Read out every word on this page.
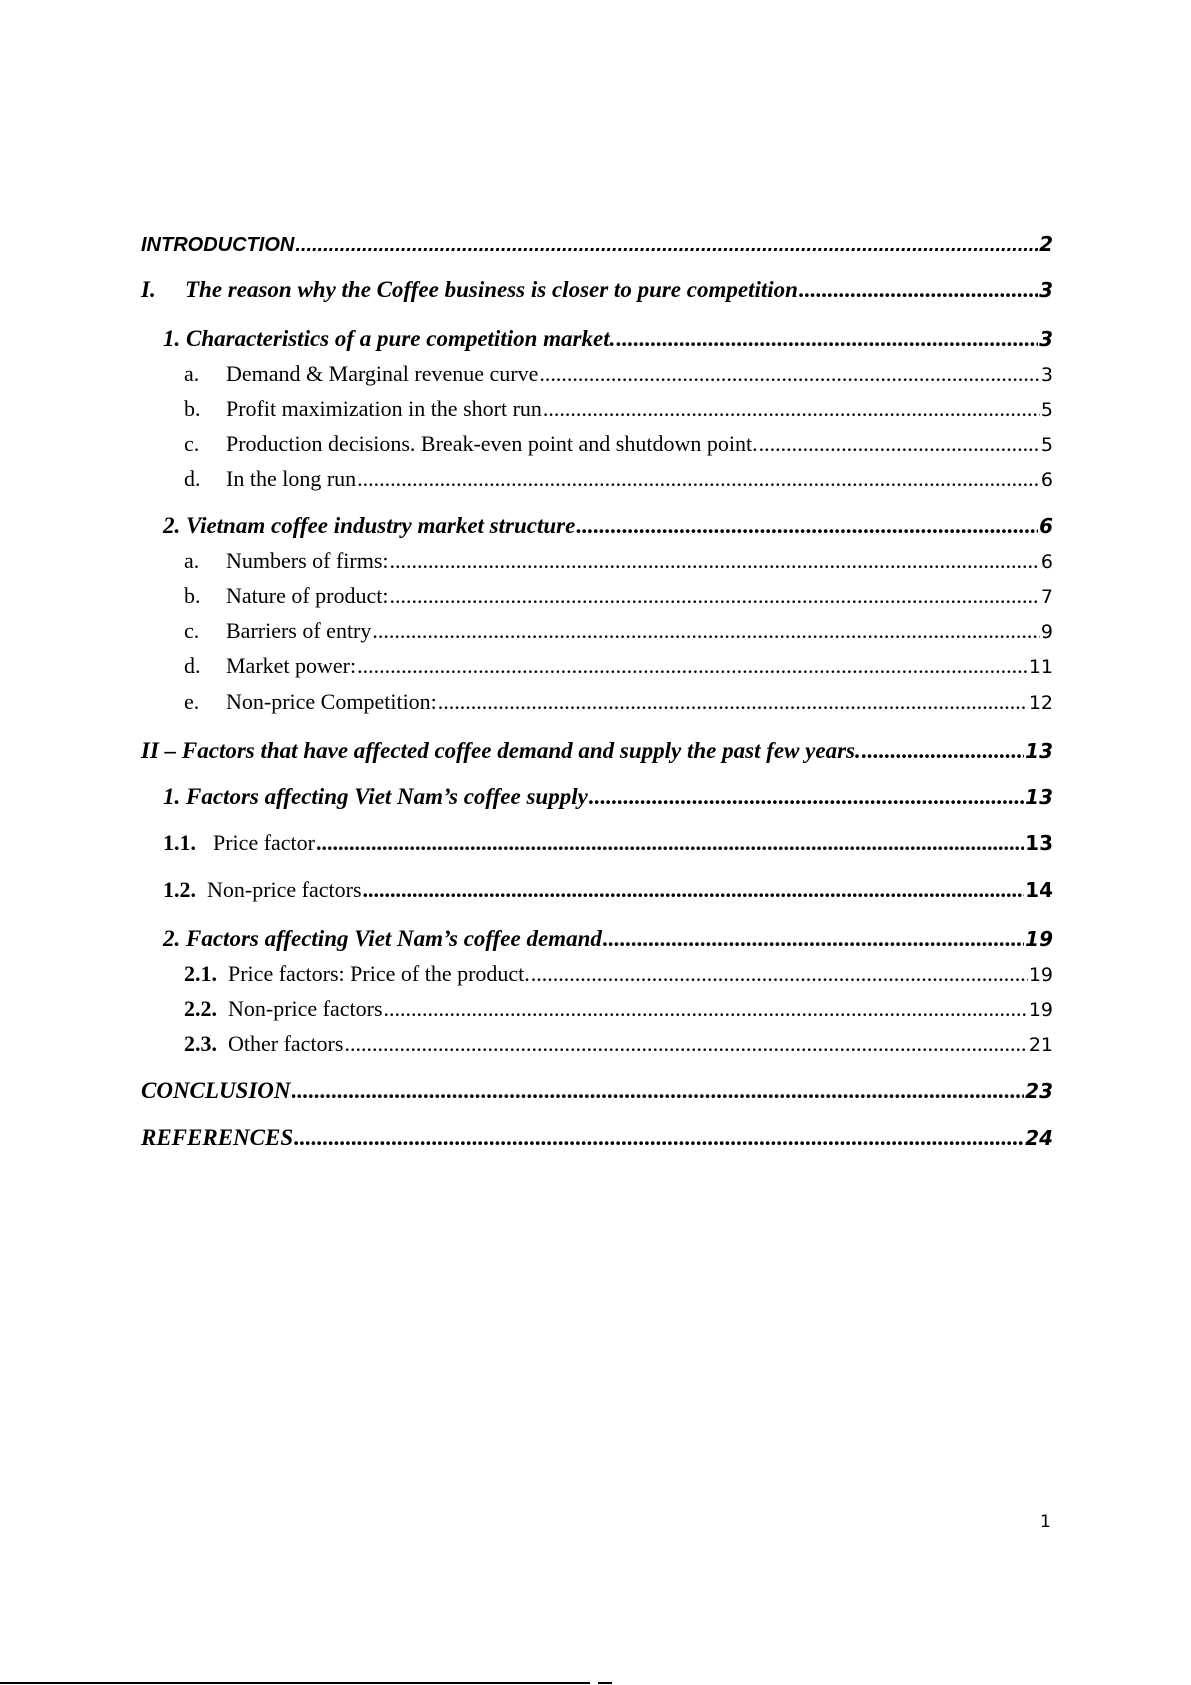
INTRODUCTION .....	2
I.	The reason why the Coffee business is closer to pure competition .....	3
1. Characteristics of a pure competition market. .....	3
a.	Demand & Marginal revenue curve .....	3
b.	Profit maximization in the short run .....	5
c.	Production decisions. Break-even point and shutdown point. .....	5
d.	In the long run .....	6
2. Vietnam coffee industry market structure .....	6
a.	Numbers of firms: .....	6
b.	Nature of product: .....	7
c.	Barriers of entry .....	9
d.	Market power: .....	11
e.	Non-price Competition: .....	12
II – Factors that have affected coffee demand and supply the past few years. .....	13
1. Factors affecting Viet Nam’s coffee supply .....	13
1.1. Price factor .....	13
1.2. Non-price factors .....	14
2. Factors affecting Viet Nam’s coffee demand .....	19
2.1. Price factors: Price of the product. .....	19
2.2. Non-price factors .....	19
2.3. Other factors .....	21
CONCLUSION .....	23
REFERENCES .....	24
1
